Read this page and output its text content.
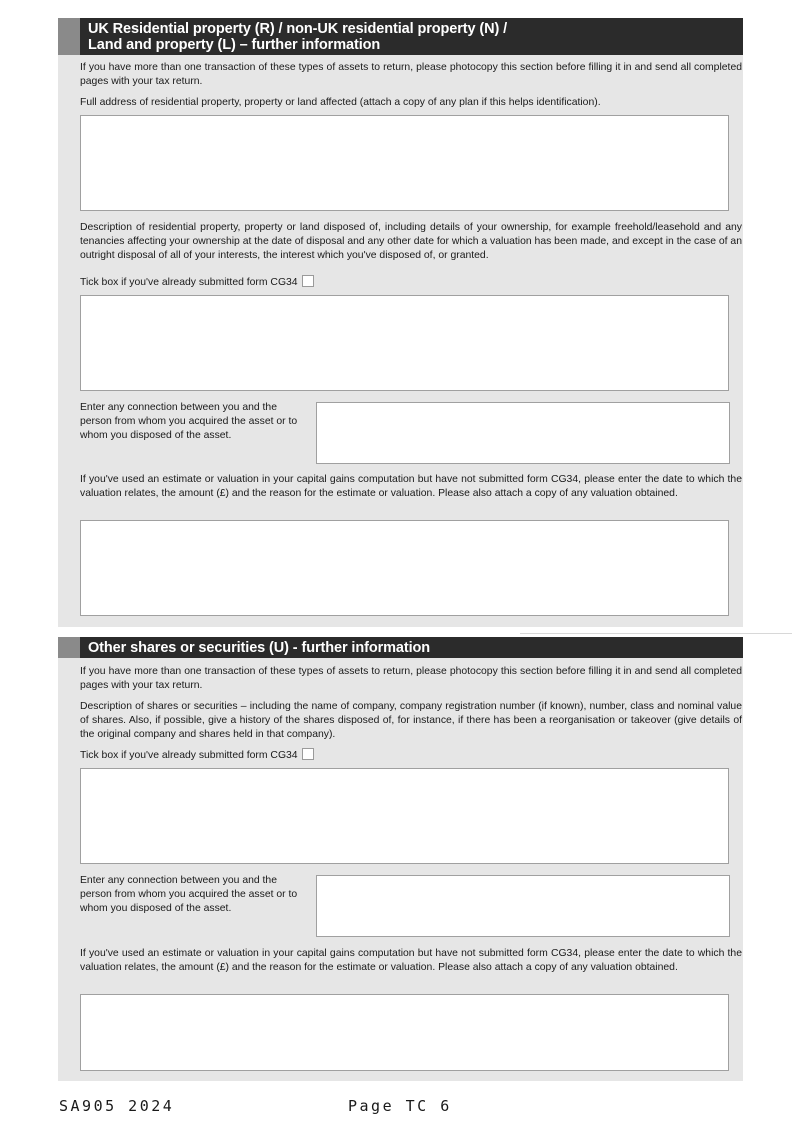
UK Residential property (R) / non-UK residential property (N) /
Land and property (L) – further information
If you have more than one transaction of these types of assets to return, please photocopy this section before filling it in and send all completed pages with your tax return.
Full address of residential property, property or land affected (attach a copy of any plan if this helps identification).
Description of residential property, property or land disposed of, including details of your ownership, for example freehold/leasehold and any tenancies affecting your ownership at the date of disposal and any other date for which a valuation has been made, and except in the case of an outright disposal of all of your interests, the interest which you've disposed of, or granted.
Tick box if you've already submitted form CG34
Enter any connection between you and the person from whom you acquired the asset or to whom you disposed of the asset.
If you've used an estimate or valuation in your capital gains computation but have not submitted form CG34, please enter the date to which the valuation relates, the amount (£) and the reason for the estimate or valuation. Please also attach a copy of any valuation obtained.
Other shares or securities (U) - further information
If you have more than one transaction of these types of assets to return, please photocopy this section before filling it in and send all completed pages with your tax return.
Description of shares or securities – including the name of company, company registration number (if known), number, class and nominal value of shares. Also, if possible, give a history of the shares disposed of, for instance, if there has been a reorganisation or takeover (give details of the original company and shares held in that company).
Tick box if you've already submitted form CG34
Enter any connection between you and the person from whom you acquired the asset or to whom you disposed of the asset.
If you've used an estimate or valuation in your capital gains computation but have not submitted form CG34, please enter the date to which the valuation relates, the amount (£) and the reason for the estimate or valuation. Please also attach a copy of any valuation obtained.
SA905 2024	Page TC 6
